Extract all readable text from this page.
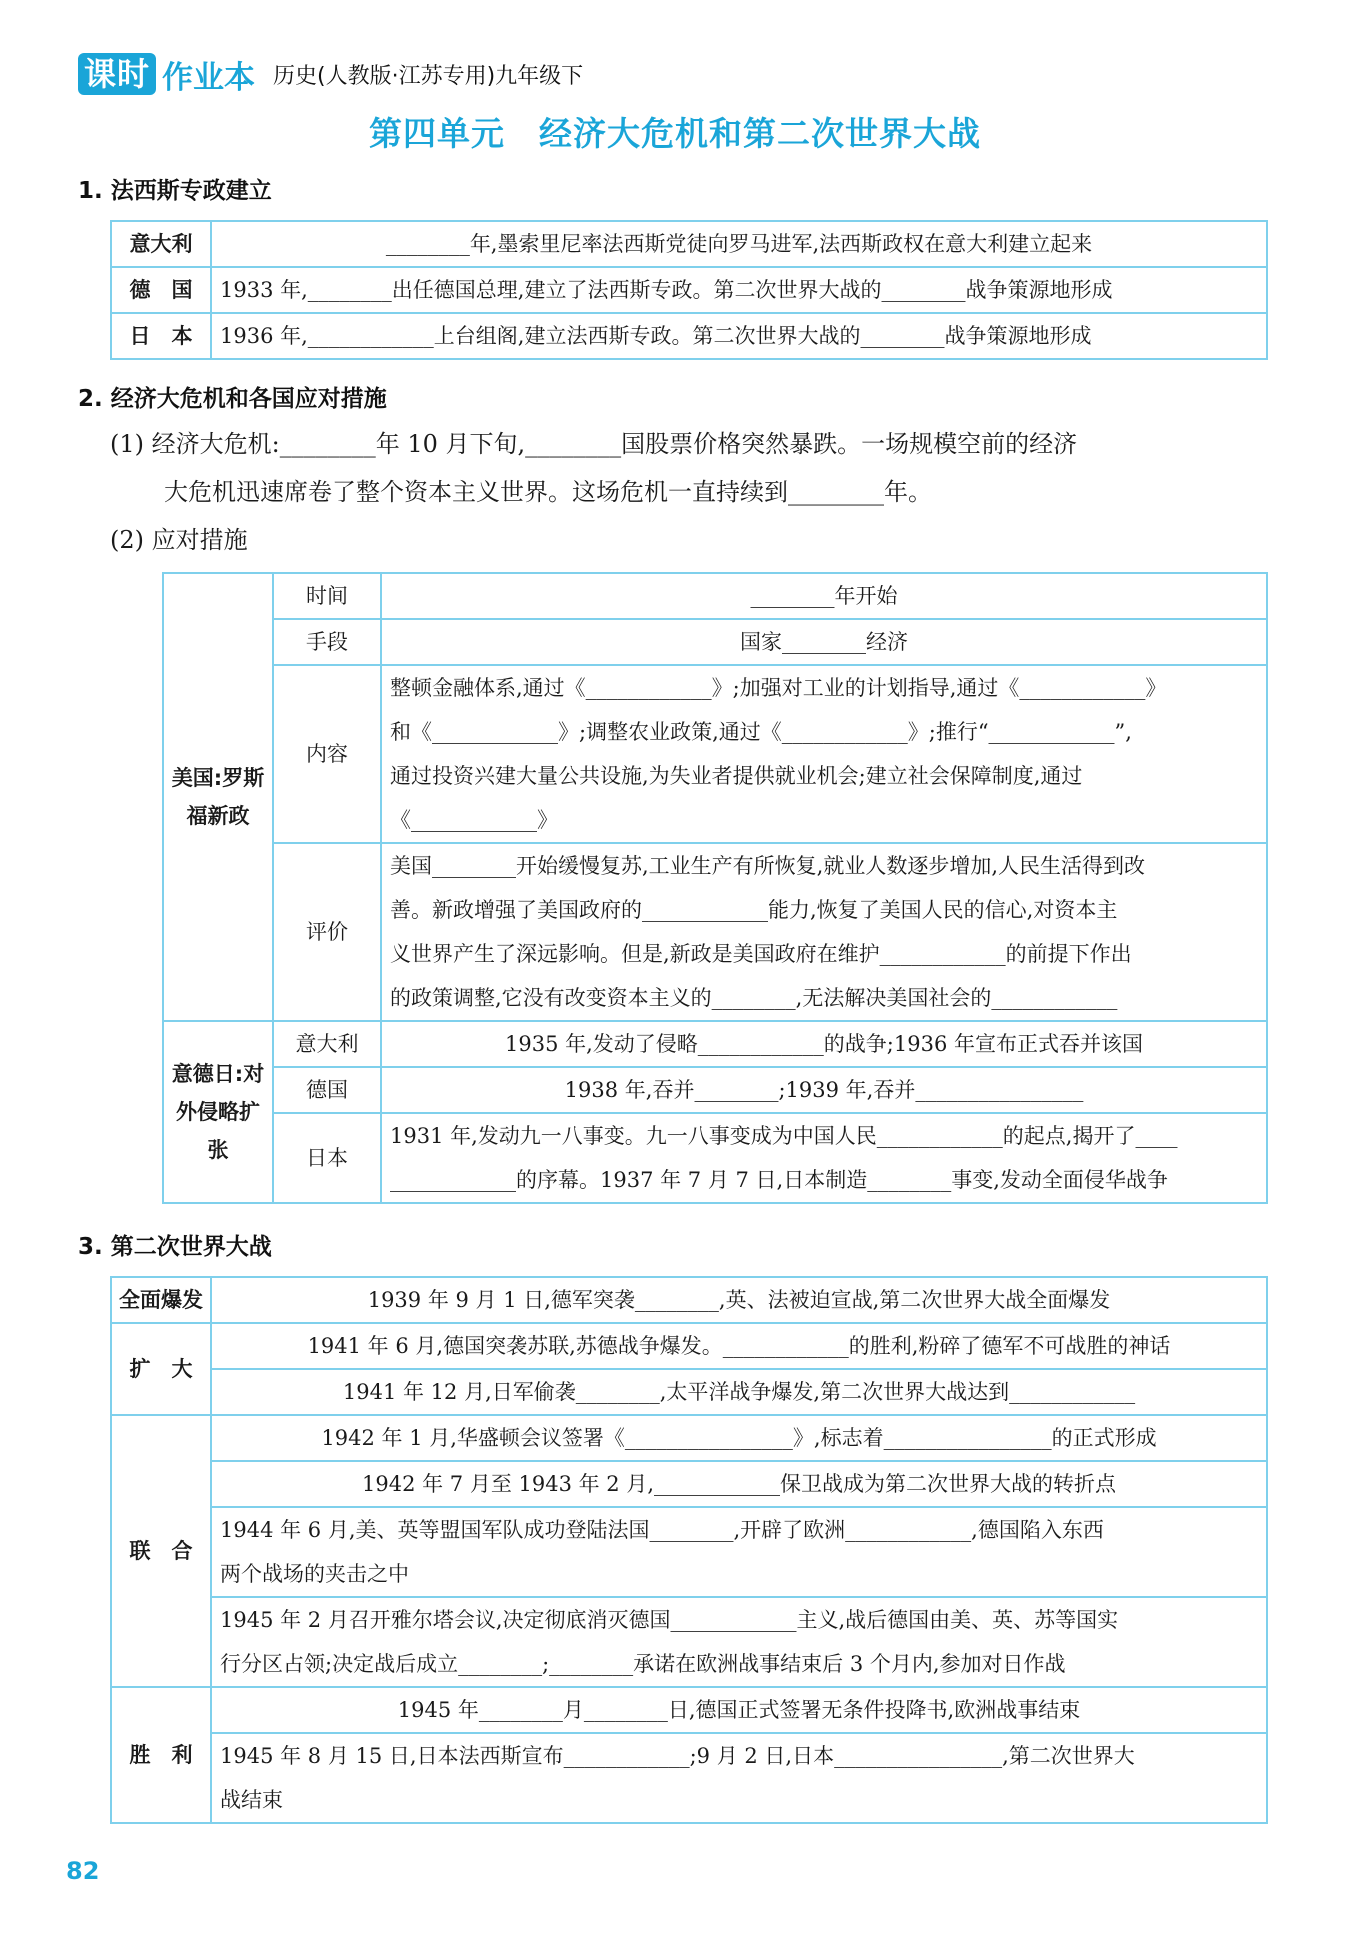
课时 作业本 历史(人教版·江苏专用)九年级下
第四单元　经济大危机和第二次世界大战
1. 法西斯专政建立
意大利	________年,墨索里尼率法西斯党徒向罗马进军,法西斯政权在意大利建立起来
德　国	1933 年,________出任德国总理,建立了法西斯专政。第二次世界大战的________战争策源地形成
日　本	1936 年,____________上台组阁,建立法西斯专政。第二次世界大战的________战争策源地形成
2. 经济大危机和各国应对措施
(1) 经济大危机:________年 10 月下旬,________国股票价格突然暴跌。一场规模空前的经济
大危机迅速席卷了整个资本主义世界。这场危机一直持续到________年。
(2) 应对措施
美国:罗斯福新政	时间	________年开始
	手段	国家________经济
	内容	整顿金融体系,通过《____________》;加强对工业的计划指导,通过《____________》
和《____________》;调整农业政策,通过《____________》;推行“____________”,
通过投资兴建大量公共设施,为失业者提供就业机会;建立社会保障制度,通过
《____________》

	评价	美国________开始缓慢复苏,工业生产有所恢复,就业人数逐步增加,人民生活得到改
善。新政增强了美国政府的____________能力,恢复了美国人民的信心,对资本主
义世界产生了深远影响。但是,新政是美国政府在维护____________的前提下作出
的政策调整,它没有改变资本主义的________,无法解决美国社会的____________

意德日:对外侵略扩张	意大利	1935 年,发动了侵略____________的战争;1936 年宣布正式吞并该国
	德国	1938 年,吞并________;1939 年,吞并________________
	日本	1931 年,发动九一八事变。九一八事变成为中国人民____________的起点,揭开了____
____________的序幕。1937 年 7 月 7 日,日本制造________事变,发动全面侵华战争
3. 第二次世界大战
全面爆发	1939 年 9 月 1 日,德军突袭________,英、法被迫宣战,第二次世界大战全面爆发
扩　大	1941 年 6 月,德国突袭苏联,苏德战争爆发。____________的胜利,粉碎了德军不可战胜的神话
	1941 年 12 月,日军偷袭________,太平洋战争爆发,第二次世界大战达到____________
联　合	1942 年 1 月,华盛顿会议签署《________________》,标志着________________的正式形成
	1942 年 7 月至 1943 年 2 月,____________保卫战成为第二次世界大战的转折点

	1944 年 6 月,美、英等盟国军队成功登陆法国________,开辟了欧洲____________,德国陷入东西
两个战场的夹击之中

	1945 年 2 月召开雅尔塔会议,决定彻底消灭德国____________主义,战后德国由美、英、苏等国实
行分区占领;决定战后成立________;________承诺在欧洲战事结束后 3 个月内,参加对日作战

胜　利	1945 年________月________日,德国正式签署无条件投降书,欧洲战事结束

	1945 年 8 月 15 日,日本法西斯宣布____________;9 月 2 日,日本________________,第二次世界大
战结束
82
